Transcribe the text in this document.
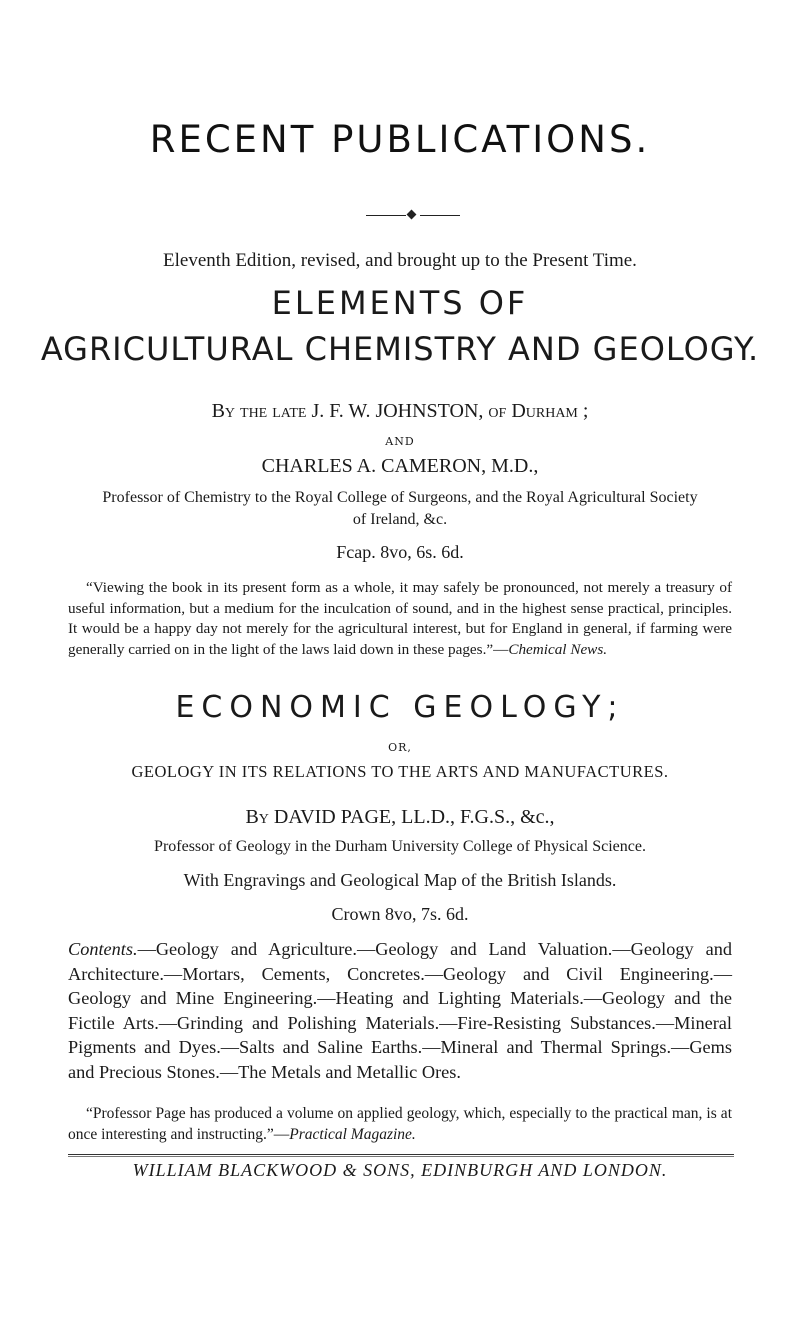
RECENT PUBLICATIONS.
Eleventh Edition, revised, and brought up to the Present Time.
ELEMENTS OF
AGRICULTURAL CHEMISTRY AND GEOLOGY.
By the late J. F. W. JOHNSTON, of Durham ;
AND
CHARLES A. CAMERON, M.D.,
Professor of Chemistry to the Royal College of Surgeons, and the Royal Agricultural Society of Ireland, &c.
Fcap. 8vo, 6s. 6d.
“Viewing the book in its present form as a whole, it may safely be pronounced, not merely a treasury of useful information, but a medium for the inculcation of sound, and in the highest sense practical, principles. It would be a happy day not merely for the agricultural interest, but for England in general, if farming were generally carried on in the light of the laws laid down in these pages.”—Chemical News.
ECONOMIC GEOLOGY;
OR,
GEOLOGY IN ITS RELATIONS TO THE ARTS AND MANUFACTURES.
By DAVID PAGE, LL.D., F.G.S., &c.,
Professor of Geology in the Durham University College of Physical Science.
With Engravings and Geological Map of the British Islands.
Crown 8vo, 7s. 6d.
Contents.—Geology and Agriculture.—Geology and Land Valuation.—Geology and Architecture.—Mortars, Cements, Concretes.—Geology and Civil Engineering.—Geology and Mine Engineering.—Heating and Lighting Materials.—Geology and the Fictile Arts.—Grinding and Polishing Materials.—Fire-Resisting Substances.—Mineral Pigments and Dyes.—Salts and Saline Earths.—Mineral and Thermal Springs.—Gems and Precious Stones.—The Metals and Metallic Ores.
“Professor Page has produced a volume on applied geology, which, especially to the practical man, is at once interesting and instructing.”—Practical Magazine.
WILLIAM BLACKWOOD & SONS, EDINBURGH AND LONDON.
